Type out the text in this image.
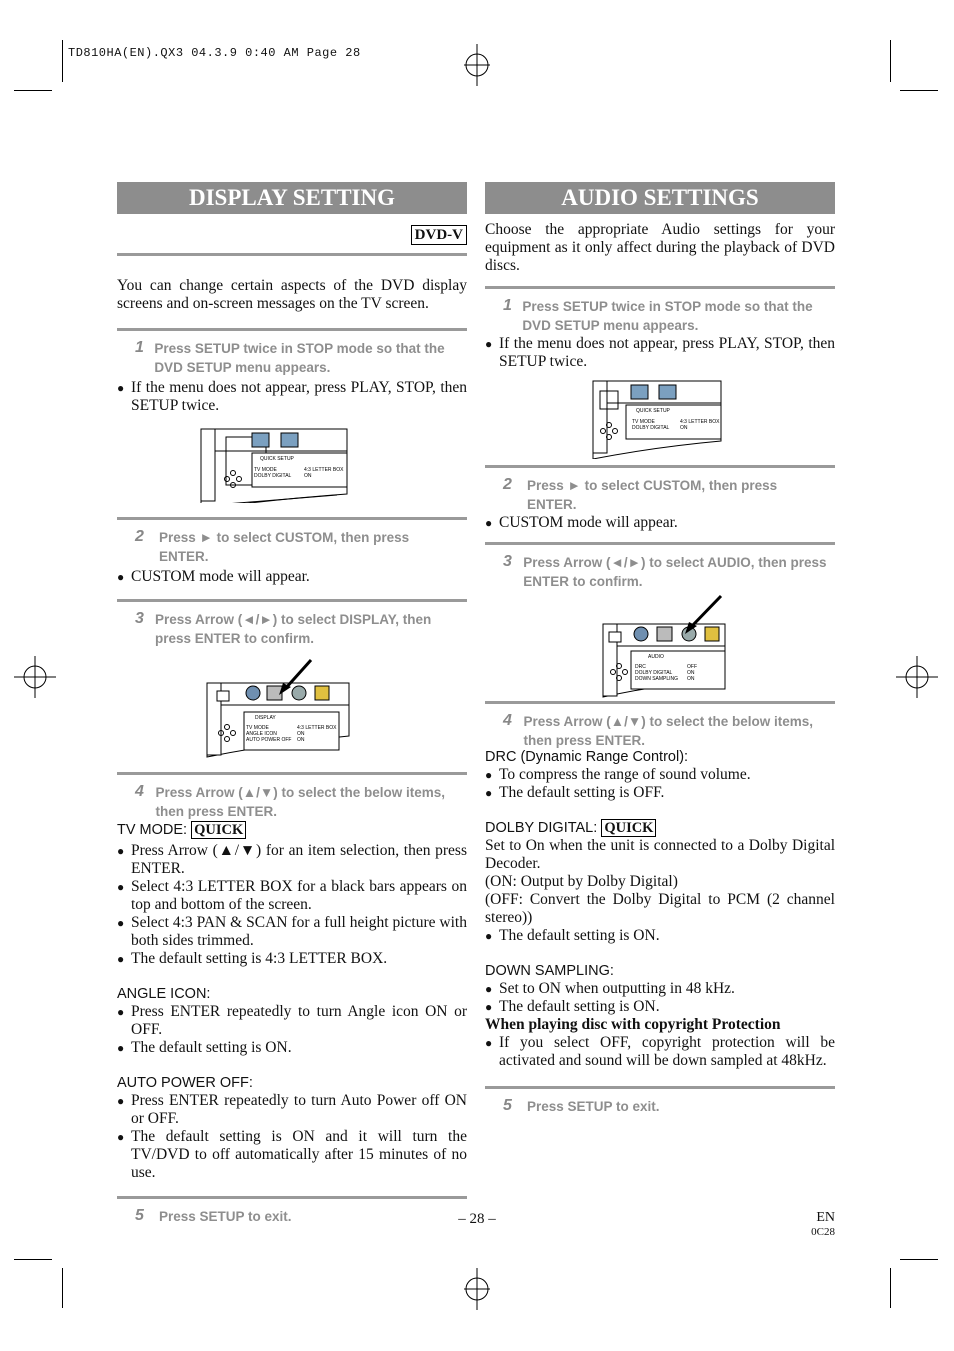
TD810HA(EN).QX3 04.3.9 0:40 AM Page 28
DISPLAY SETTING
DVD-V

You can change certain aspects of the DVD display screens and on-screen messages on the TV screen.

1 Press SETUP twice in STOP mode so that the DVD SETUP menu appears.
● If the menu does not appear, press PLAY, STOP, then SETUP twice.
QUICK SETUP
TV MODE	4:3 LETTER BOX
DOLBY DIGITAL	ON
2	Press ► to select CUSTOM, then press ENTER.
● CUSTOM mode will appear.
3 Press Arrow (◄/►) to select DISPLAY, then press ENTER to confirm.
DISPLAY
TV MODE	4:3 LETTER BOX
ANGLE ICON	ON
AUTO POWER OFF ON
4 Press Arrow (▲/▼) to select the below items, then press ENTER.
TV MODE: QUICK
● Press Arrow (▲/▼) for an item selection, then press ENTER.
● Select 4:3 LETTER BOX for a black bars appears on top and bottom of the screen.
● Select 4:3 PAN & SCAN for a full height picture with both sides trimmed.
● The default setting is 4:3 LETTER BOX.
ANGLE ICON:
● Press ENTER repeatedly to turn Angle icon ON or OFF.
● The default setting is ON.
AUTO POWER OFF:
● Press ENTER repeatedly to turn Auto Power off ON or OFF.
● The default setting is ON and it will turn the TV/DVD to off automatically after 15 minutes of no use.
5	Press SETUP to exit.
AUDIO SETTINGS

Choose the appropriate Audio settings for your equipment as it only affect during the playback of DVD discs.

1 Press SETUP twice in STOP mode so that the DVD SETUP menu appears.
● If the menu does not appear, press PLAY, STOP, then SETUP twice.
QUICK SETUP
TV MODE	4:3 LETTER BOX
DOLBY DIGITAL ON
2	Press ► to select CUSTOM, then press ENTER.
● CUSTOM mode will appear.
3 Press Arrow (◄/►) to select AUDIO, then press ENTER to confirm.
AUDIO
DRC	OFF
DOLBY DIGITAL	ON
DOWN SAMPLING ON
4 Press Arrow (▲/▼) to select the below items, then press ENTER.
DRC (Dynamic Range Control):
● To compress the range of sound volume.
● The default setting is OFF.
DOLBY DIGITAL: QUICK

Set to On when the unit is connected to a Dolby Digital Decoder.

(ON: Output by Dolby Digital)

(OFF: Convert the Dolby Digital to PCM (2 channel stereo))

● The default setting is ON.
DOWN SAMPLING:
● Set to ON when outputting in 48 kHz.
● The default setting is ON.
When playing disc with copyright Protection
● If you select OFF, copyright protection will be activated and sound will be down sampled at 48kHz.
5	Press SETUP to exit.
– 28 –	EN
0C28
